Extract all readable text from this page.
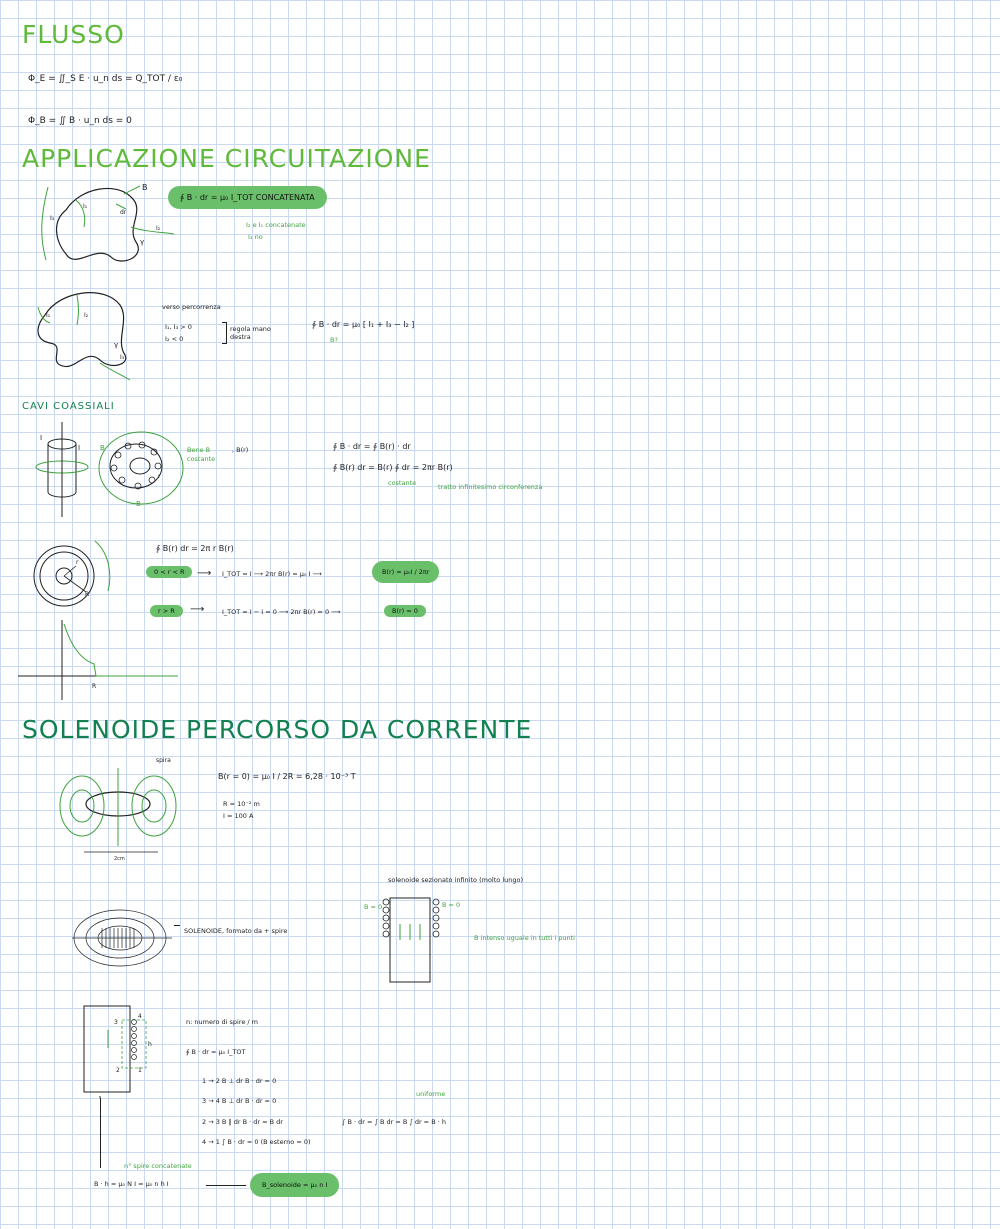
FLUSSO
Φ_E = ∬_S E · u_n ds = Q_TOT / ε₀
Φ_B = ∬ B · u_n ds = 0
APPLICAZIONE CIRCUITAZIONE
B
dr
I₁
I₃
I₂
γ
∮ B · dr = μ₀ I_TOT CONCATENATA
I₂ e I₁ concatenate
I₃ no
I₁	I₂
I₃
γ
verso percorrenza
I₁, I₃ > 0
I₂ < 0
regola mano destra
∮ B · dr = μ₀ [ I₁ + I₃ − I₂ ]
B?
CAVI COASSIALI
I
I	B
B
r
Bene B costante
, B(r)	∮ B · dr = ∮ B(r) · dr
∮ B(r) dr = B(r) ∮ dr = 2πr B(r)
costante	tratto infinitesimo circonferenza
R
r
∮ B(r) dr = 2π r B(r)
0 < r < R	⟶ I_TOT = I ⟶ 2πr B(r) = μ₀ I ⟶	B(r) = μ₀I / 2πr
r > R	⟶	I_TOT = I − I = 0 ⟶ 2πr B(r) = 0 ⟶	B(r) = 0
R
SOLENOIDE PERCORSO DA CORRENTE
spira
2cm
B(r = 0) = μ₀ I / 2R = 6,28 · 10⁻³ T
R = 10⁻² m
I = 100 A
SOLENOIDE, formato da + spire
solenoide sezionato infinito (molto lungo)
B = 0	B = 0
B intenso uguale in tutti i punti
3
4
2	1
h
n: numero di spire / m
∮ B · dr = μ₀ I_TOT
1 → 2 B ⊥ dr B · dr = 0
3 → 4 B ⊥ dr B · dr = 0
2 → 3 B ∥ dr B · dr = B dr
4 → 1 ∫ B · dr = 0 (B esterno = 0)
uniforme
∫ B · dr = ∫ B dr = B ∫ dr = B · h
n° spire concatenate
B · h = μ₀ N I = μ₀ n h I	B_solenoide = μ₀ n I
